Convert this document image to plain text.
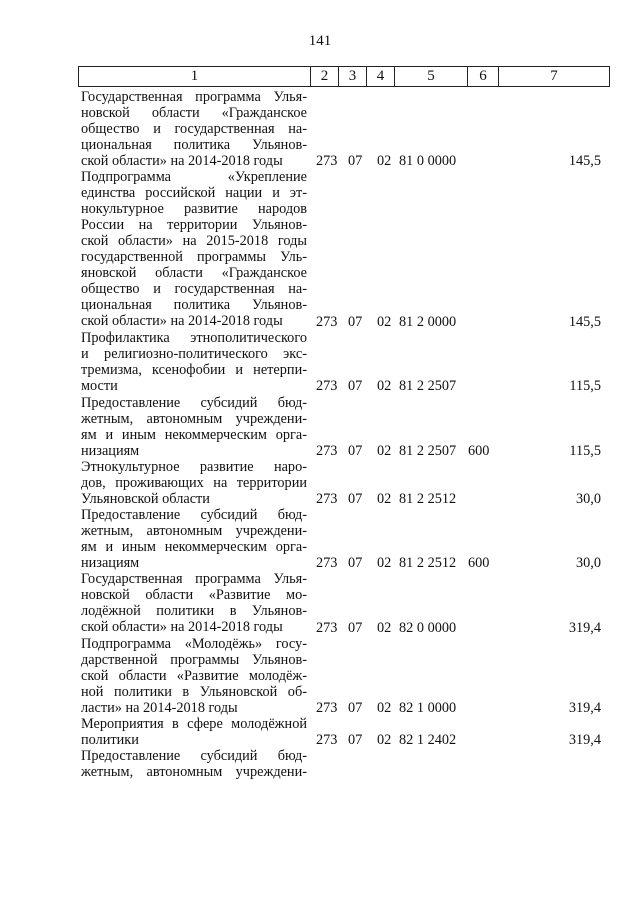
141
1	2	3	4	5	6	7
Государственная программа Улья-
новской области «Гражданское
общество и государственная на-
циональная политика Ульянов-
ской области» на 2014-2018 годы	273 07 02 81 0 0000	145,5
Подпрограмма «Укрепление
единства российской нации и эт-
нокультурное развитие народов
России на территории Ульянов-
ской области» на 2015-2018 годы
государственной программы Уль-
яновской области «Гражданское
общество и государственная на-
циональная политика Ульянов-
ской области» на 2014-2018 годы	273 07 02 81 2 0000	145,5
Профилактика этнополитического
и религиозно-политического экс-
тремизма, ксенофобии и нетерпи-
мости	273 07 02 81 2 2507	115,5
Предоставление субсидий бюд-
жетным, автономным учреждени-
ям и иным некоммерческим орга-
низациям	273 07 02 81 2 2507 600	115,5
Этнокультурное развитие наро-
дов, проживающих на территории
Ульяновской области	273 07 02 81 2 2512	30,0
Предоставление субсидий бюд-
жетным, автономным учреждени-
ям и иным некоммерческим орга-
низациям	273 07 02 81 2 2512 600	30,0
Государственная программа Улья-
новской области «Развитие мо-
лодёжной политики в Ульянов-
ской области» на 2014-2018 годы	273 07 02 82 0 0000	319,4
Подпрограмма «Молодёжь» госу-
дарственной программы Ульянов-
ской области «Развитие молодёж-
ной политики в Ульяновской об-
ласти» на 2014-2018 годы	273 07 02 82 1 0000	319,4
Мероприятия в сфере молодёжной
политики	273 07 02 82 1 2402	319,4
Предоставление субсидий бюд-
жетным, автономным учреждени-
